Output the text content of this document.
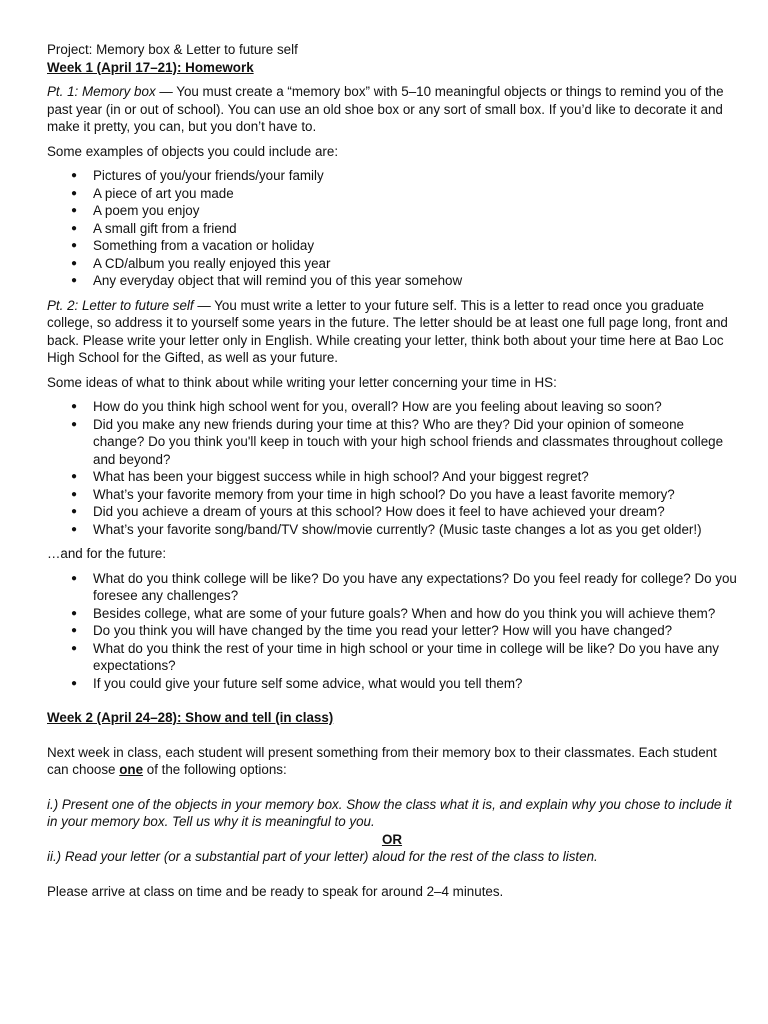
Project: Memory box & Letter to future self

Week 1 (April 17–21): Homework

Pt. 1: Memory box — You must create a “memory box” with 5–10 meaningful objects or things to remind you of the past year (in or out of school). You can use an old shoe box or any sort of small box. If you’d like to decorate it and make it pretty, you can, but you don’t have to.

Some examples of objects you could include are:

● Pictures of you/your friends/your family
● A piece of art you made
● A poem you enjoy
● A small gift from a friend
● Something from a vacation or holiday
● A CD/album you really enjoyed this year
● Any everyday object that will remind you of this year somehow

Pt. 2: Letter to future self — You must write a letter to your future self. This is a letter to read once you graduate college, so address it to yourself some years in the future. The letter should be at least one full page long, front and back. Please write your letter only in English. While creating your letter, think both about your time here at Bao Loc High School for the Gifted, as well as your future.

Some ideas of what to think about while writing your letter concerning your time in HS:

● How do you think high school went for you, overall? How are you feeling about leaving so soon?
● Did you make any new friends during your time at this? Who are they? Did your opinion of someone change? Do you think you'll keep in touch with your high school friends and classmates throughout college and beyond?
● What has been your biggest success while in high school? And your biggest regret?
● What’s your favorite memory from your time in high school? Do you have a least favorite memory?
● Did you achieve a dream of yours at this school? How does it feel to have achieved your dream?
● What’s your favorite song/band/TV show/movie currently? (Music taste changes a lot as you get older!)

…and for the future:

● What do you think college will be like? Do you have any expectations? Do you feel ready for college? Do you foresee any challenges?
● Besides college, what are some of your future goals? When and how do you think you will achieve them?
● Do you think you will have changed by the time you read your letter? How will you have changed?
● What do you think the rest of your time in high school or your time in college will be like? Do you have any expectations?
● If you could give your future self some advice, what would you tell them?

Week 2 (April 24–28): Show and tell (in class)

Next week in class, each student will present something from their memory box to their classmates. Each student can choose one of the following options:

i.) Present one of the objects in your memory box. Show the class what it is, and explain why you chose to include it in your memory box. Tell us why it is meaningful to you.

OR

ii.) Read your letter (or a substantial part of your letter) aloud for the rest of the class to listen.

Please arrive at class on time and be ready to speak for around 2–4 minutes.
